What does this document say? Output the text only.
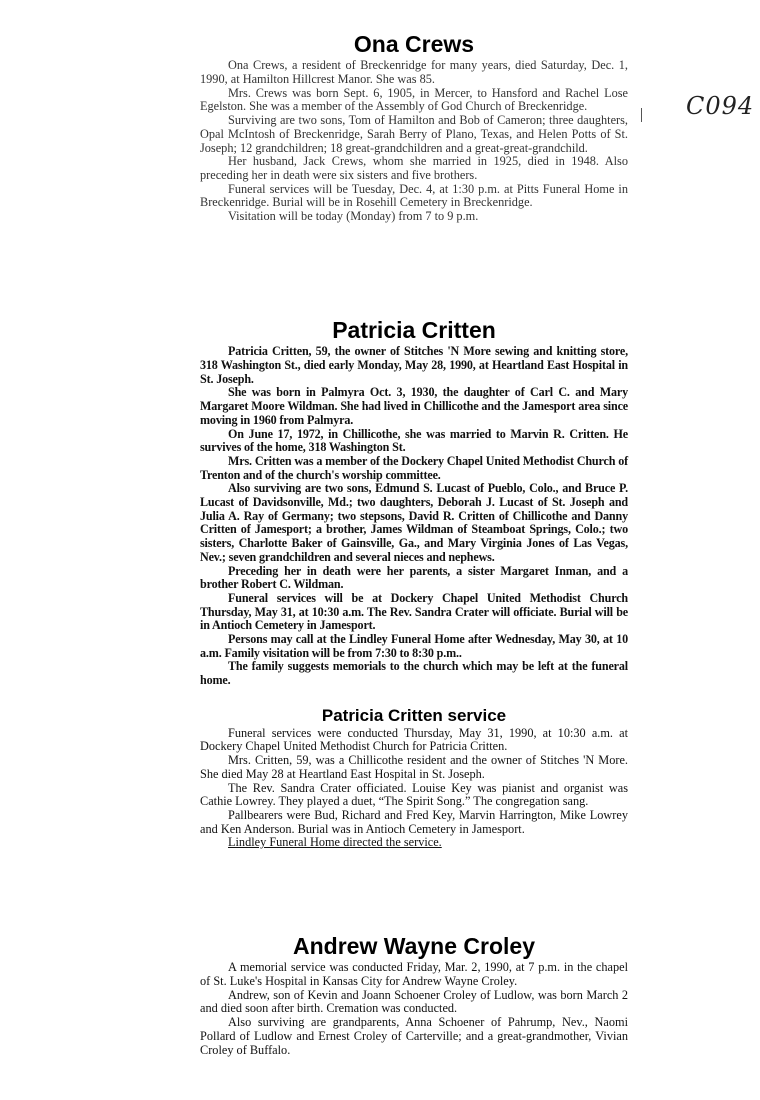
C094
Ona Crews

Ona Crews, a resident of Breckenridge for many years, died Saturday, Dec. 1, 1990, at Hamilton Hillcrest Manor. She was 85.

Mrs. Crews was born Sept. 6, 1905, in Mercer, to Hansford and Rachel Lose Egelston. She was a member of the Assembly of God Church of Breckenridge.

Surviving are two sons, Tom of Hamilton and Bob of Cameron; three daughters, Opal McIntosh of Breckenridge, Sarah Berry of Plano, Texas, and Helen Potts of St. Joseph; 12 grandchildren; 18 great-grandchildren and a great-great-grandchild.

Her husband, Jack Crews, whom she married in 1925, died in 1948. Also preceding her in death were six sisters and five brothers.

Funeral services will be Tuesday, Dec. 4, at 1:30 p.m. at Pitts Funeral Home in Breckenridge. Burial will be in Rosehill Cemetery in Breckenridge.

Visitation will be today (Monday) from 7 to 9 p.m.

Patricia Critten

Patricia Critten, 59, the owner of Stitches 'N More sewing and knitting store, 318 Washington St., died early Monday, May 28, 1990, at Heartland East Hospital in St. Joseph.

She was born in Palmyra Oct. 3, 1930, the daughter of Carl C. and Mary Margaret Moore Wildman. She had lived in Chillicothe and the Jamesport area since moving in 1960 from Palmyra.

On June 17, 1972, in Chillicothe, she was married to Marvin R. Critten. He survives of the home, 318 Washington St.

Mrs. Critten was a member of the Dockery Chapel United Methodist Church of Trenton and of the church's worship committee.

Also surviving are two sons, Edmund S. Lucast of Pueblo, Colo., and Bruce P. Lucast of Davidsonville, Md.; two daughters, Deborah J. Lucast of St. Joseph and Julia A. Ray of Germany; two stepsons, David R. Critten of Chillicothe and Danny Critten of Jamesport; a brother, James Wildman of Steamboat Springs, Colo.; two sisters, Charlotte Baker of Gainsville, Ga., and Mary Virginia Jones of Las Vegas, Nev.; seven grandchildren and several nieces and nephews.

Preceding her in death were her parents, a sister Margaret Inman, and a brother Robert C. Wildman.

Funeral services will be at Dockery Chapel United Methodist Church Thursday, May 31, at 10:30 a.m. The Rev. Sandra Crater will officiate. Burial will be in Antioch Cemetery in Jamesport.

Persons may call at the Lindley Funeral Home after Wednesday, May 30, at 10 a.m. Family visitation will be from 7:30 to 8:30 p.m..

The family suggests memorials to the church which may be left at the funeral home.

Patricia Critten service

Funeral services were conducted Thursday, May 31, 1990, at 10:30 a.m. at Dockery Chapel United Methodist Church for Patricia Critten.

Mrs. Critten, 59, was a Chillicothe resident and the owner of Stitches 'N More. She died May 28 at Heartland East Hospital in St. Joseph.

The Rev. Sandra Crater officiated. Louise Key was pianist and organist was Cathie Lowrey. They played a duet, “The Spirit Song.” The congregation sang.

Pallbearers were Bud, Richard and Fred Key, Marvin Harrington, Mike Lowrey and Ken Anderson. Burial was in Antioch Cemetery in Jamesport.

Lindley Funeral Home directed the service.

Andrew Wayne Croley

A memorial service was conducted Friday, Mar. 2, 1990, at 7 p.m. in the chapel of St. Luke's Hospital in Kansas City for Andrew Wayne Croley.

Andrew, son of Kevin and Joann Schoener Croley of Ludlow, was born March 2 and died soon after birth. Cremation was conducted.

Also surviving are grandparents, Anna Schoener of Pahrump, Nev., Naomi Pollard of Ludlow and Ernest Croley of Carterville; and a great-grandmother, Vivian Croley of Buffalo.
